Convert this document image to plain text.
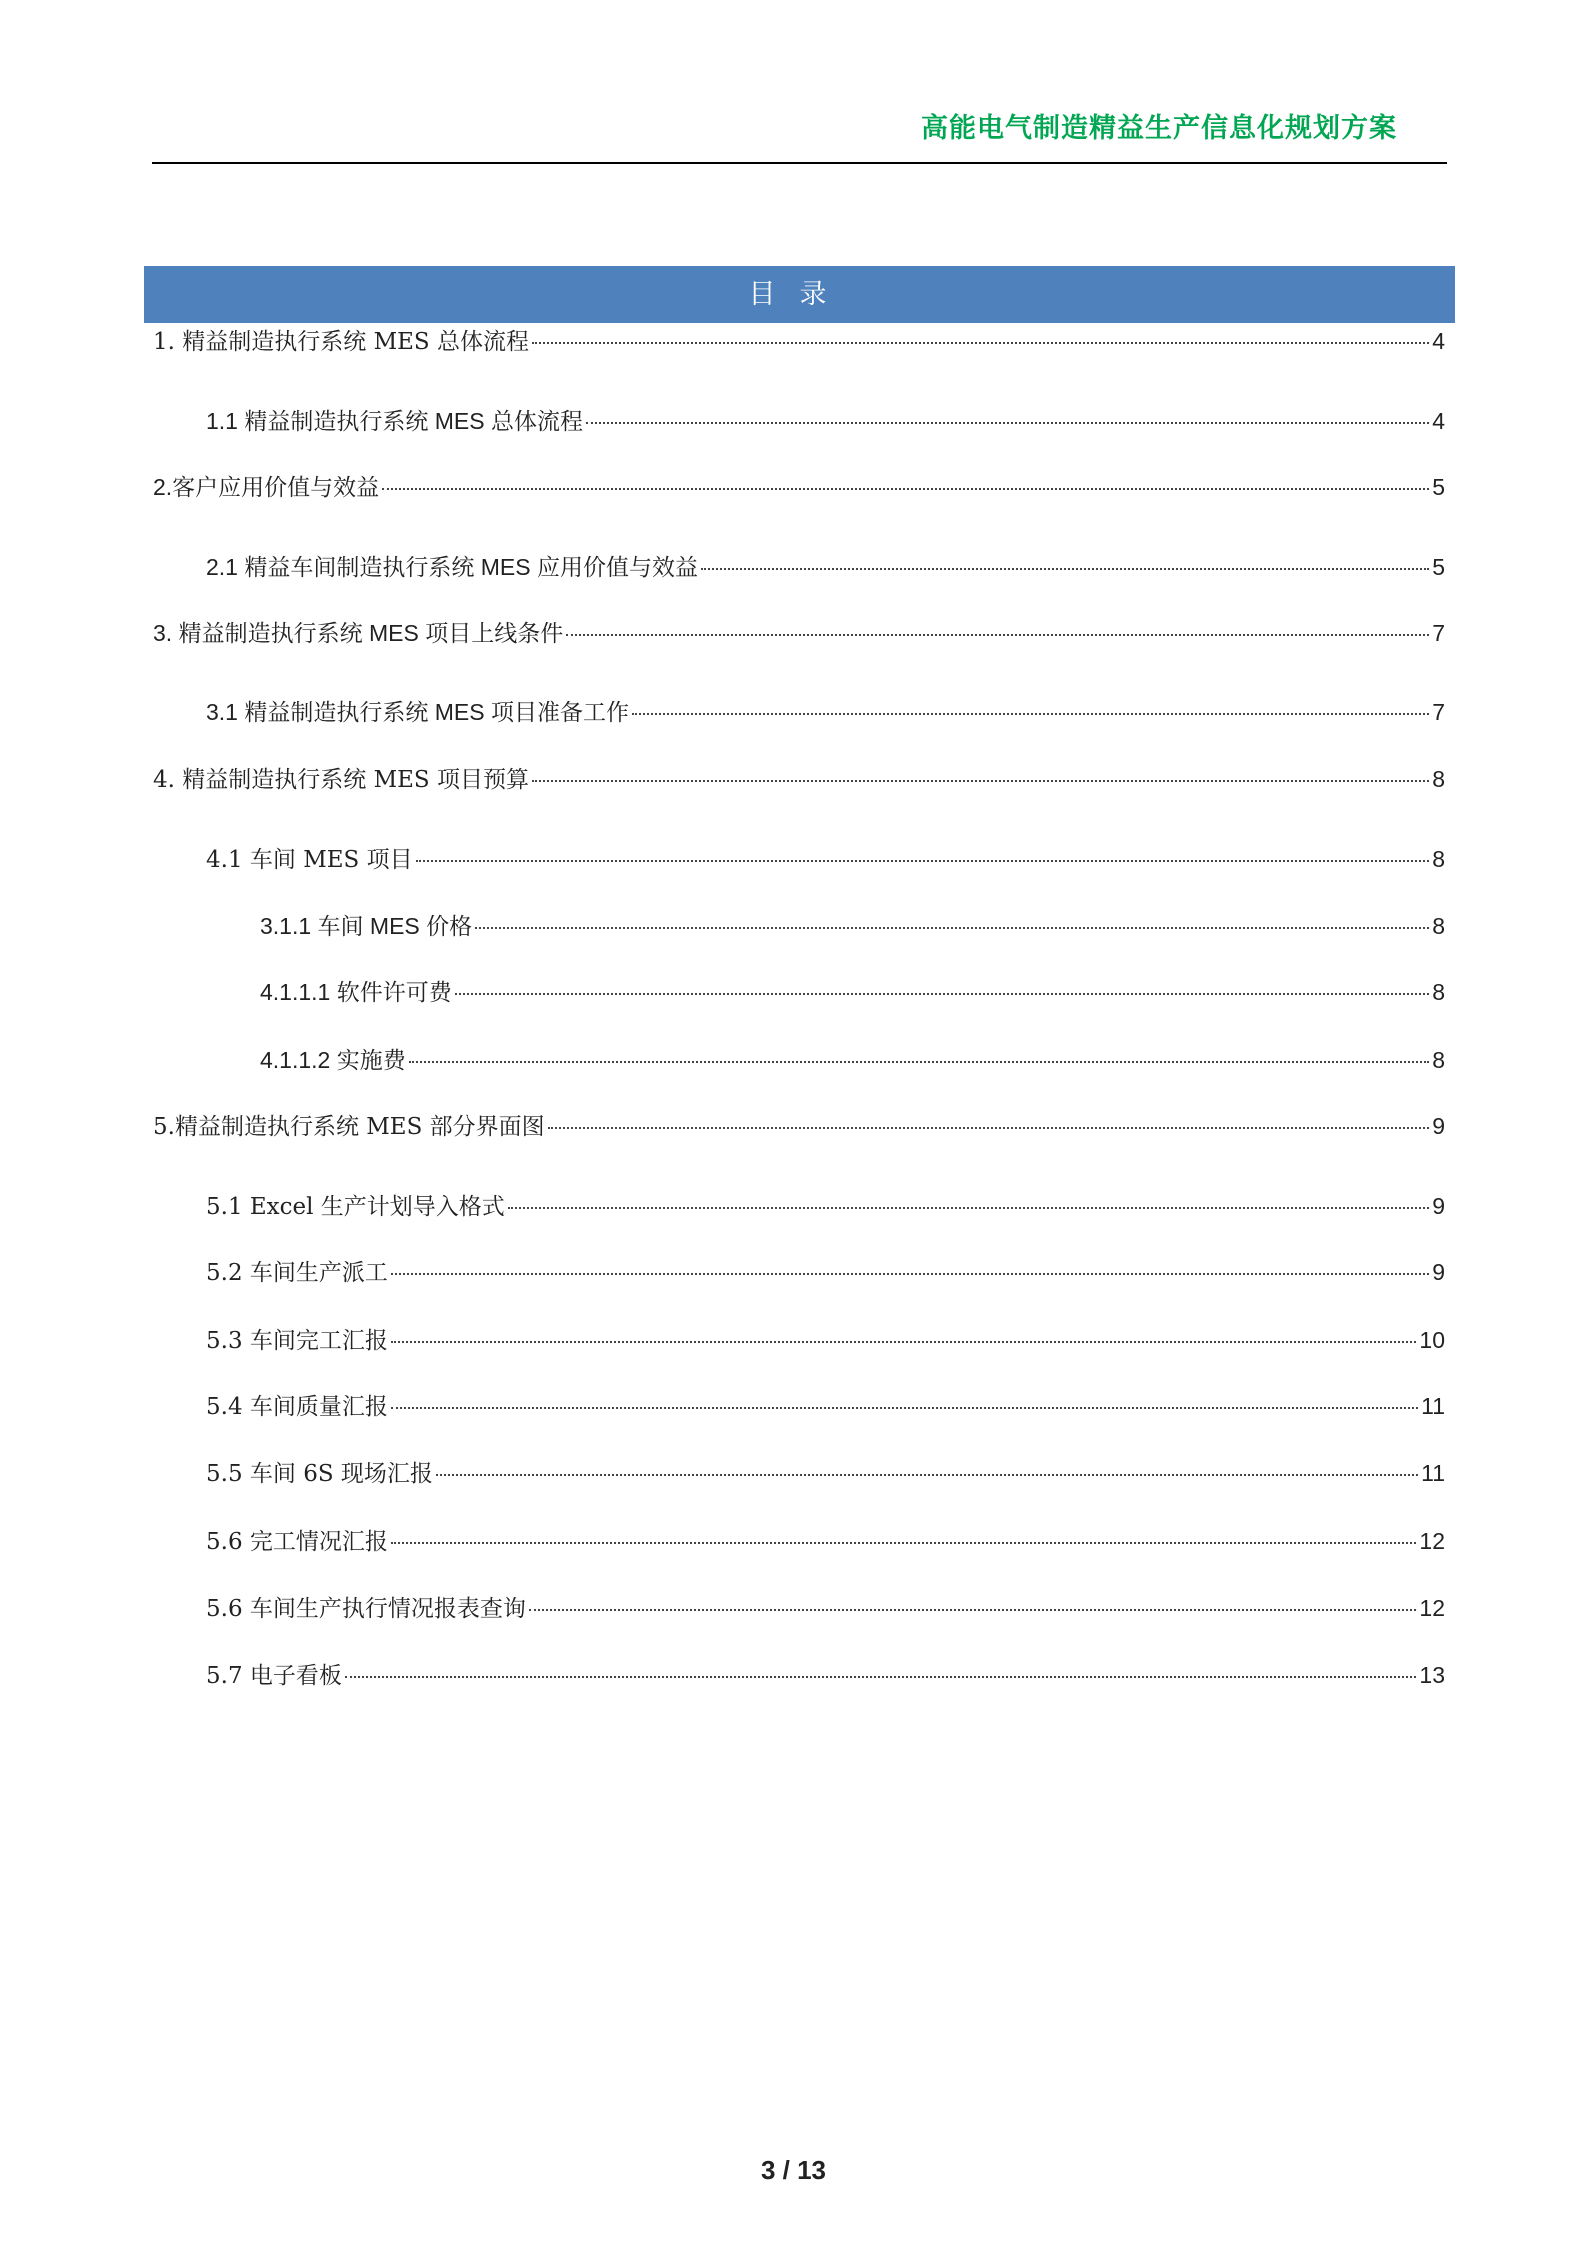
高能电气制造精益生产信息化规划方案
目录
1. 精益制造执行系统 MES 总体流程	4
1.1 精益制造执行系统 MES 总体流程	4
2.客户应用价值与效益	5
2.1 精益车间制造执行系统 MES 应用价值与效益	5
3. 精益制造执行系统 MES 项目上线条件	7
3.1 精益制造执行系统 MES 项目准备工作	7
4. 精益制造执行系统 MES 项目预算	8
4.1 车间 MES 项目	8
3.1.1 车间 MES 价格	8
4.1.1.1 软件许可费	8
4.1.1.2 实施费	8
5.精益制造执行系统 MES 部分界面图	9
5.1 Excel 生产计划导入格式	9
5.2 车间生产派工	9
5.3 车间完工汇报	10
5.4 车间质量汇报	11
5.5 车间 6S 现场汇报	11
5.6 完工情况汇报	12
5.6 车间生产执行情况报表查询	12
5.7 电子看板	13
3 / 13
